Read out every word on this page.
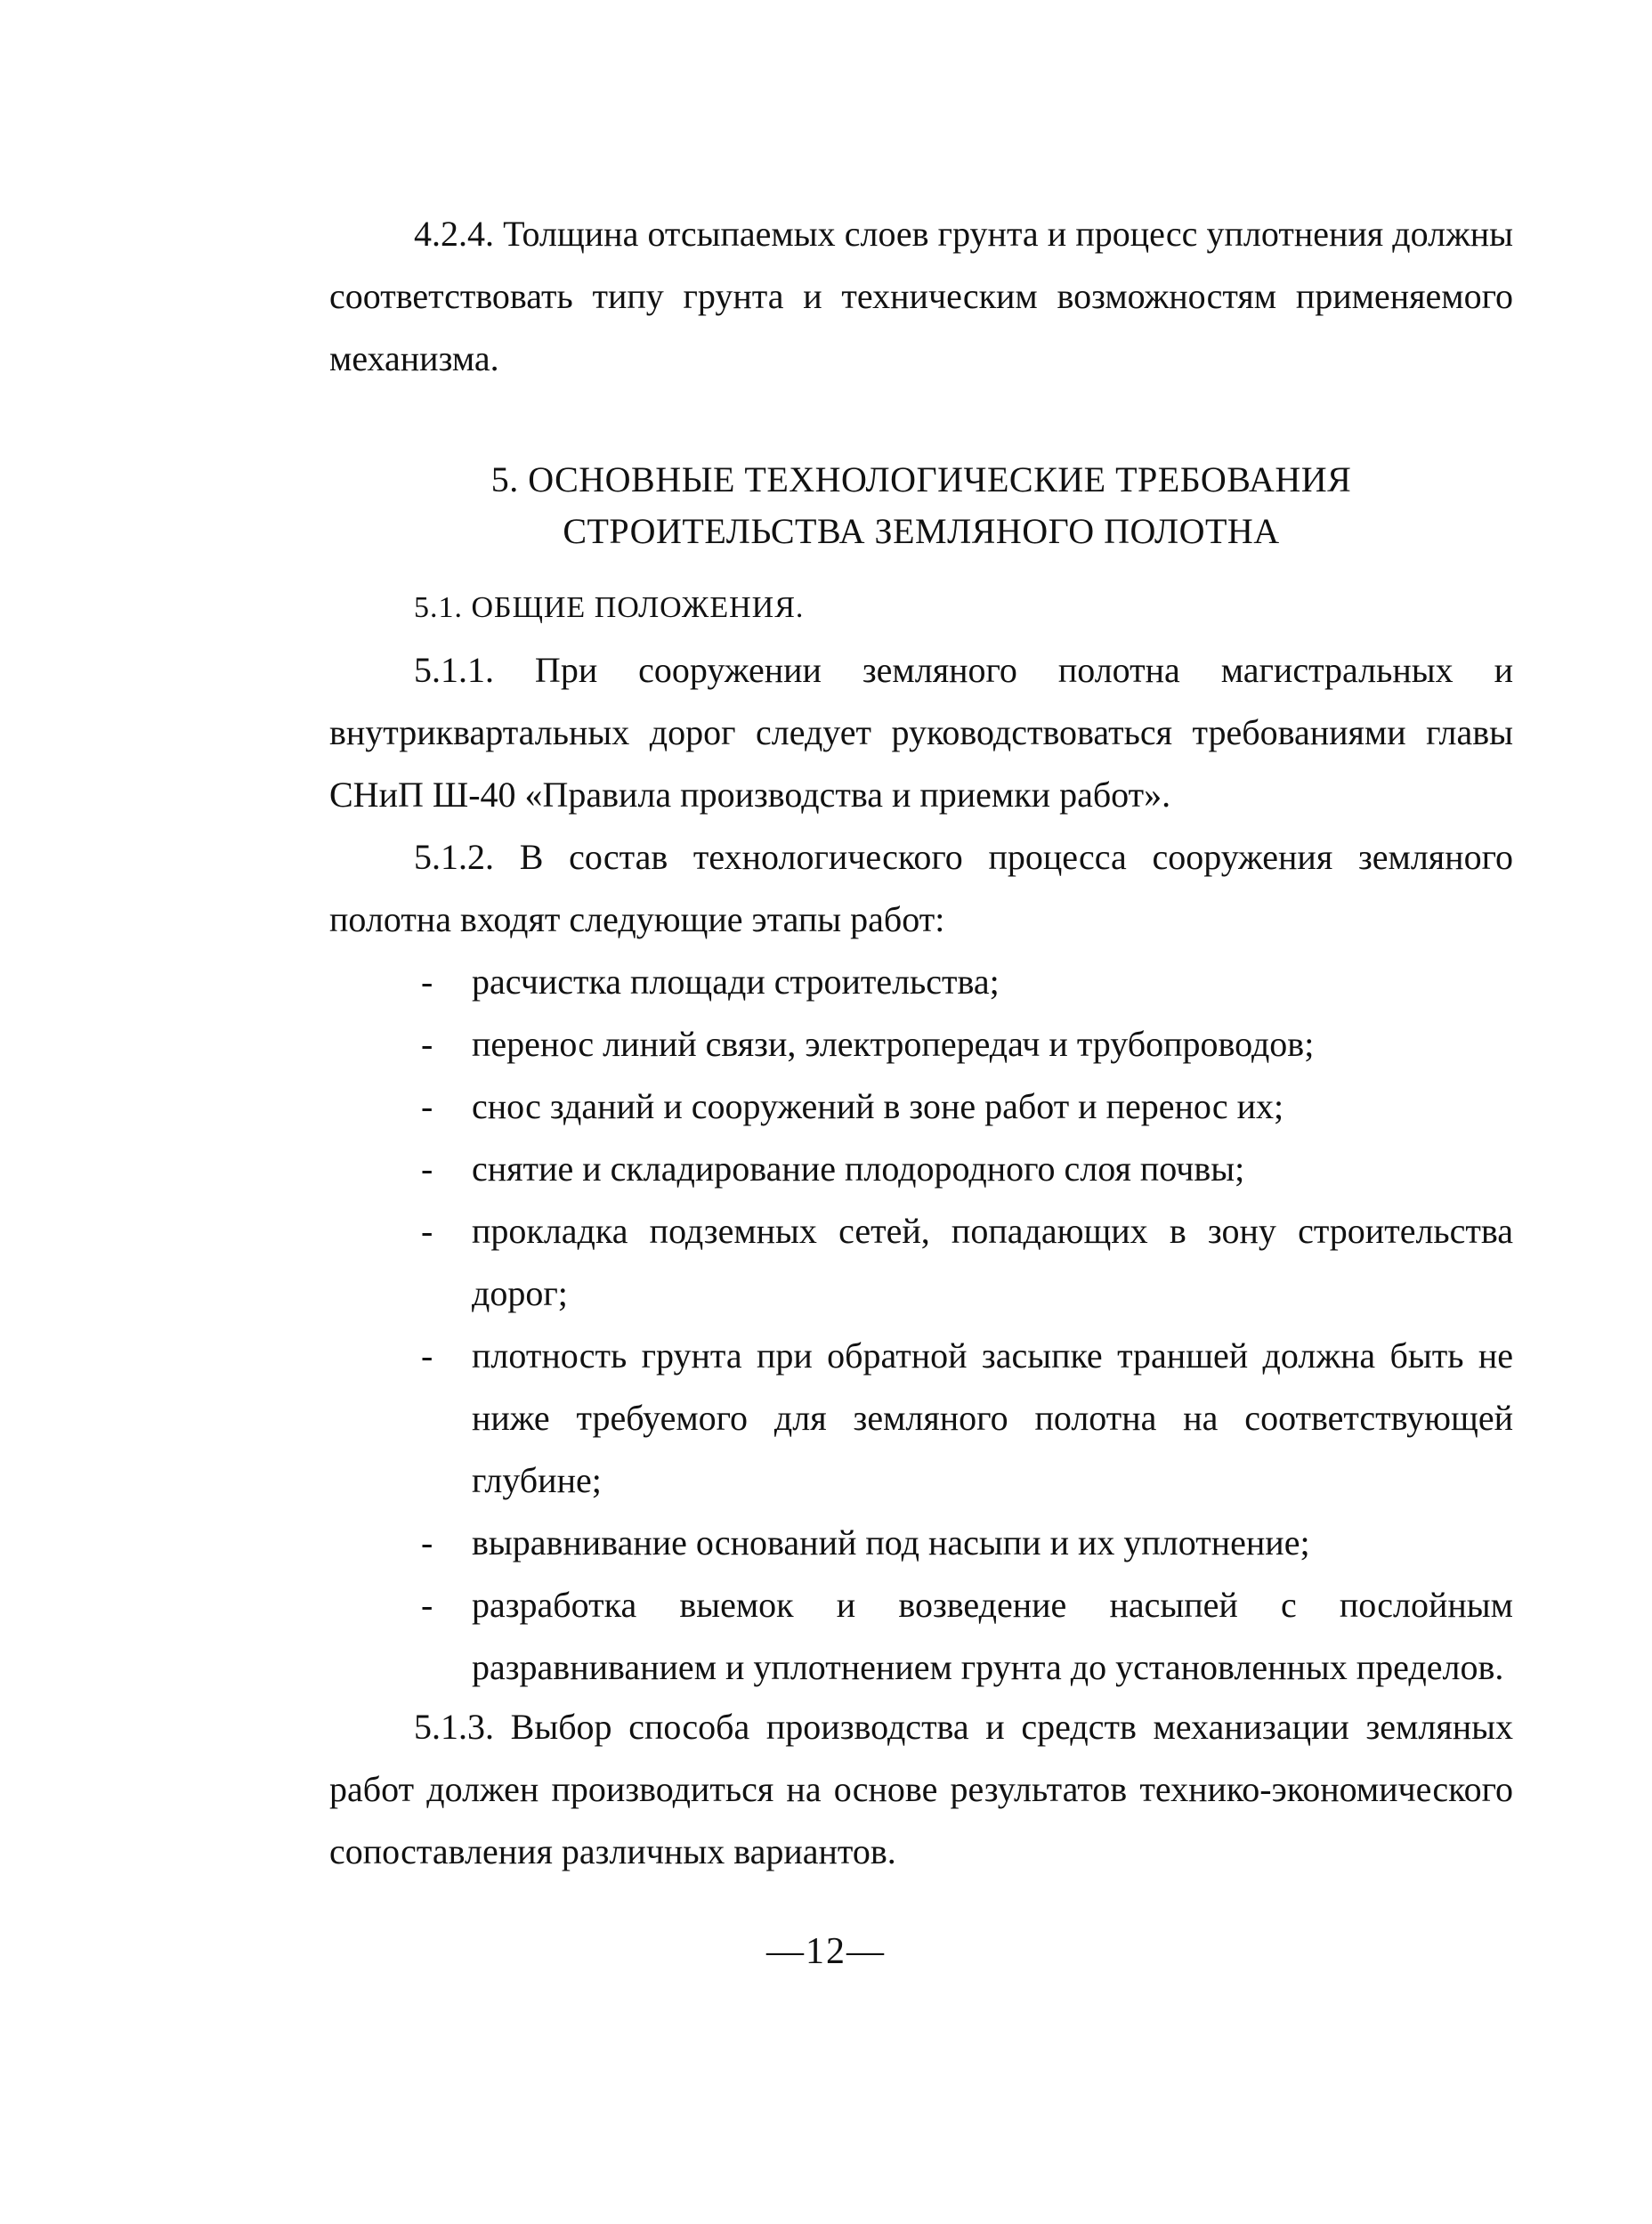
4.2.4. Толщина отсыпаемых слоев грунта и процесс уплотнения должны соответствовать типу грунта и техническим возможностям применяемого механизма.

5. ОСНОВНЫЕ ТЕХНОЛОГИЧЕСКИЕ ТРЕБОВАНИЯ
СТРОИТЕЛЬСТВА ЗЕМЛЯНОГО ПОЛОТНА
5.1. ОБЩИЕ ПОЛОЖЕНИЯ.

5.1.1. При сооружении земляного полотна магистральных и внутриквартальных дорог следует руководствоваться требованиями главы СНиП Ш-40 «Правила производства и приемки работ».

5.1.2. В состав технологического процесса сооружения земляного полотна входят следующие этапы работ:

- расчистка площади строительства;
- перенос линий связи, электропередач и трубопроводов;
- снос зданий и сооружений в зоне работ и перенос их;
- снятие и складирование плодородного слоя почвы;
- прокладка подземных сетей, попадающих в зону строительства дорог;
- плотность грунта при обратной засыпке траншей должна быть не ниже требуемого для земляного полотна на соответствующей глубине;
- выравнивание оснований под насыпи и их уплотнение;
- разработка выемок и возведение насыпей с послойным разравниванием и уплотнением грунта до установленных пределов.

5.1.3. Выбор способа производства и средств механизации земляных работ должен производиться на основе результатов технико-экономического сопоставления различных вариантов.

—12—
